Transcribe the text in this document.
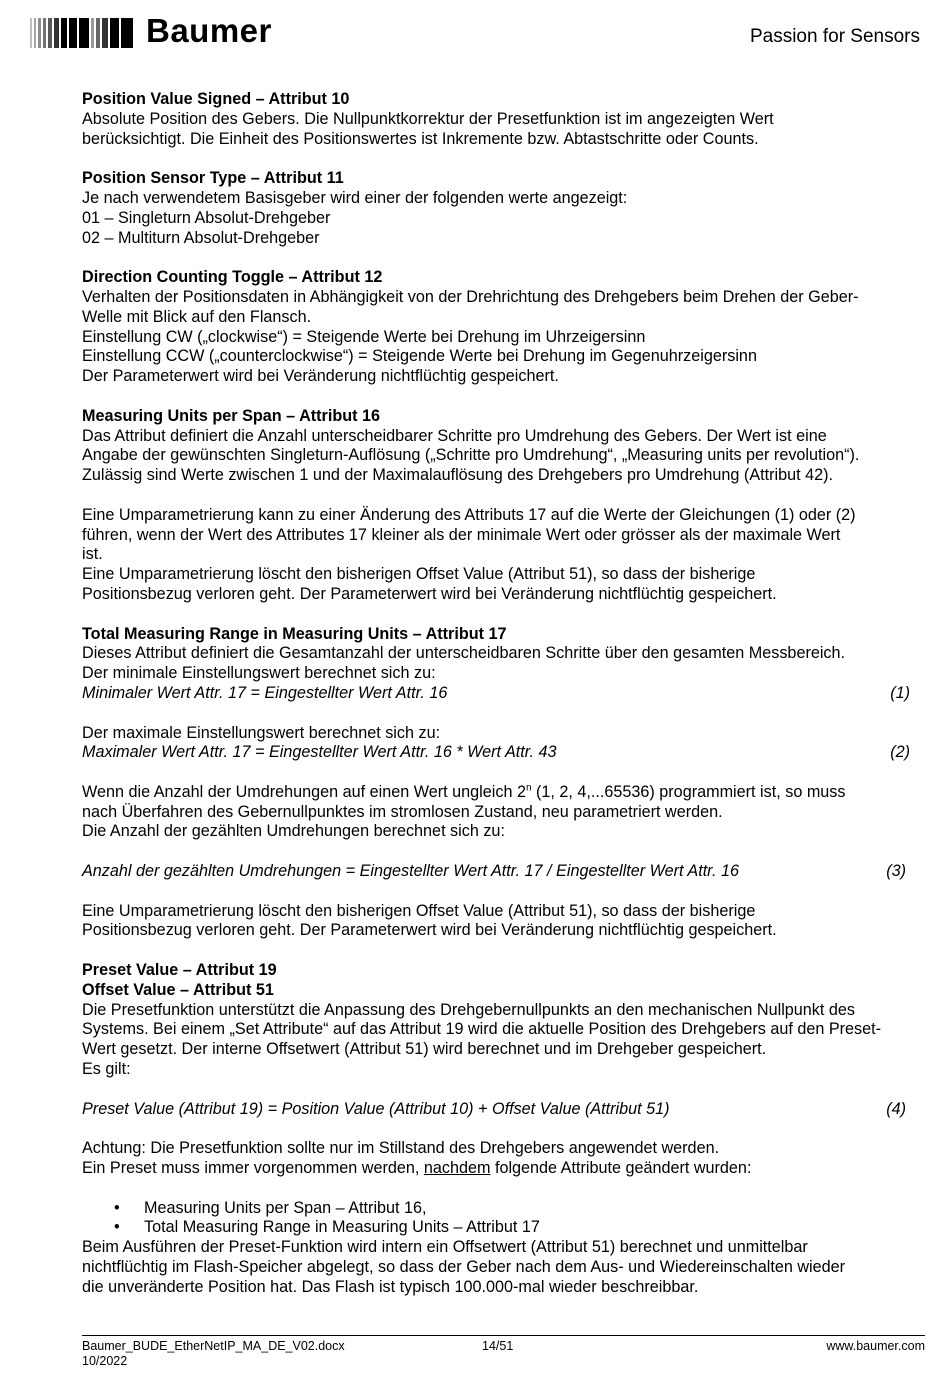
Baumer	Passion for Sensors

Position Value Signed – Attribut 10

Absolute Position des Gebers. Die Nullpunktkorrektur der Presetfunktion ist im angezeigten Wert

berücksichtigt. Die Einheit des Positionswertes ist Inkremente bzw. Abtastschritte oder Counts.

Position Sensor Type – Attribut 11

Je nach verwendetem Basisgeber wird einer der folgenden werte angezeigt:

01 – Singleturn Absolut-Drehgeber

02 – Multiturn Absolut-Drehgeber

Direction Counting Toggle – Attribut 12

Verhalten der Positionsdaten in Abhängigkeit von der Drehrichtung des Drehgebers beim Drehen der Geber-

Welle mit Blick auf den Flansch.

Einstellung CW („clockwise“) = Steigende Werte bei Drehung im Uhrzeigersinn

Einstellung CCW („counterclockwise“) = Steigende Werte bei Drehung im Gegenuhrzeigersinn

Der Parameterwert wird bei Veränderung nichtflüchtig gespeichert.

Measuring Units per Span – Attribut 16

Das Attribut definiert die Anzahl unterscheidbarer Schritte pro Umdrehung des Gebers. Der Wert ist eine

Angabe der gewünschten Singleturn-Auflösung („Schritte pro Umdrehung“, „Measuring units per revolution“).

Zulässig sind Werte zwischen 1 und der Maximalauflösung des Drehgebers pro Umdrehung (Attribut 42).

Eine Umparametrierung kann zu einer Änderung des Attributs 17 auf die Werte der Gleichungen (1) oder (2)

führen, wenn der Wert des Attributes 17 kleiner als der minimale Wert oder grösser als der maximale Wert

ist.

Eine Umparametrierung löscht den bisherigen Offset Value (Attribut 51), so dass der bisherige

Positionsbezug verloren geht. Der Parameterwert wird bei Veränderung nichtflüchtig gespeichert.

Total Measuring Range in Measuring Units – Attribut 17

Dieses Attribut definiert die Gesamtanzahl der unterscheidbaren Schritte über den gesamten Messbereich.

Der minimale Einstellungswert berechnet sich zu:

Minimaler Wert Attr. 17 = Eingestellter Wert Attr. 16	(1)

Der maximale Einstellungswert berechnet sich zu:

Maximaler Wert Attr. 17 = Eingestellter Wert Attr. 16 * Wert Attr. 43	(2)

Wenn die Anzahl der Umdrehungen auf einen Wert ungleich 2$^n$ (1, 2, 4,...65536) programmiert ist, so muss

nach Überfahren des Gebernullpunktes im stromlosen Zustand, neu parametriert werden.

Die Anzahl der gezählten Umdrehungen berechnet sich zu:

Anzahl der gezählten Umdrehungen = Eingestellter Wert Attr. 17 / Eingestellter Wert Attr. 16	(3)

Eine Umparametrierung löscht den bisherigen Offset Value (Attribut 51), so dass der bisherige

Positionsbezug verloren geht. Der Parameterwert wird bei Veränderung nichtflüchtig gespeichert.

Preset Value – Attribut 19

Offset Value – Attribut 51

Die Presetfunktion unterstützt die Anpassung des Drehgebernullpunkts an den mechanischen Nullpunkt des

Systems. Bei einem „Set Attribute“ auf das Attribut 19 wird die aktuelle Position des Drehgebers auf den Preset-

Wert gesetzt. Der interne Offsetwert (Attribut 51) wird berechnet und im Drehgeber gespeichert.

Es gilt:

Preset Value (Attribut 19) = Position Value (Attribut 10) + Offset Value (Attribut 51)	(4)

Achtung: Die Presetfunktion sollte nur im Stillstand des Drehgebers angewendet werden.

Ein Preset muss immer vorgenommen werden, nachdem folgende Attribute geändert wurden:

• Measuring Units per Span – Attribut 16,
• Total Measuring Range in Measuring Units – Attribut 17

Beim Ausführen der Preset-Funktion wird intern ein Offsetwert (Attribut 51) berechnet und unmittelbar

nichtflüchtig im Flash-Speicher abgelegt, so dass der Geber nach dem Aus- und Wiedereinschalten wieder

die unveränderte Position hat. Das Flash ist typisch 100.000-mal wieder beschreibbar.

Baumer_BUDE_EtherNetIP_MA_DE_V02.docx
10/2022
14/51	www.baumer.com
